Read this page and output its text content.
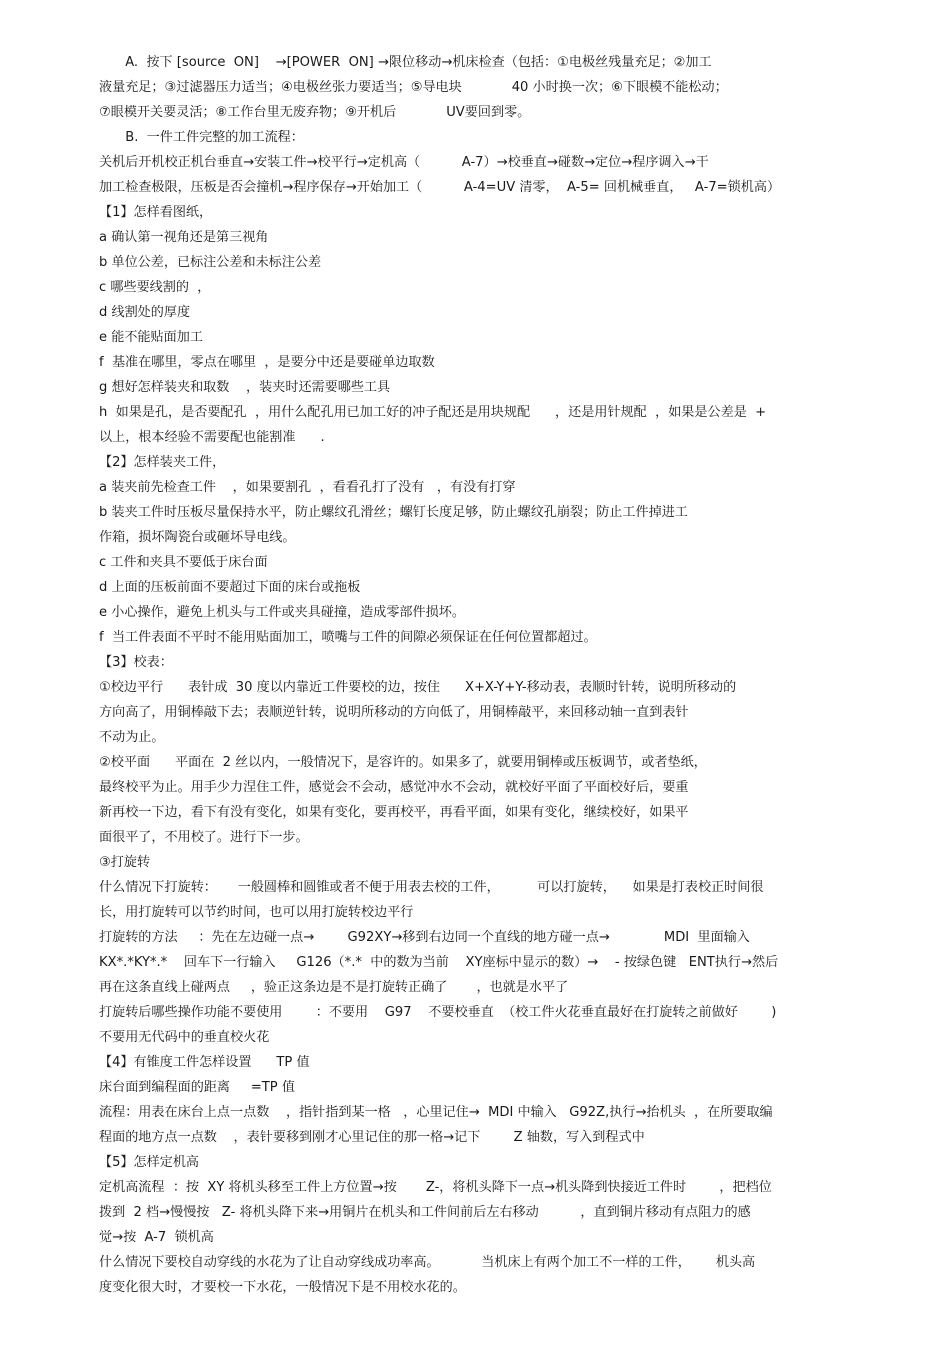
　　A.  按下 [source  ON]    →[POWER  ON] →限位移动→机床检查（包括：①电极丝残量充足；②加工
液量充足；③过滤器压力适当；④电极丝张力要适当；⑤导电块            40 小时换一次；⑥下眼模不能松动；
⑦眼模开关要灵活；⑧工作台里无废弃物；⑨开机后            UV要回到零。
　　B.  一件工件完整的加工流程：
关机后开机校正机台垂直→安装工件→校平行→定机高（          A-7）→校垂直→碰数→定位→程序调入→干
加工检查极限，压板是否会撞机→程序保存→开始加工（          A-4=UV 清零，  A-5= 回机械垂直，   A-7=锁机高）
【1】怎样看图纸，
a 确认第一视角还是第三视角
b 单位公差，已标注公差和未标注公差
c 哪些要线割的  ，
d 线割处的厚度
e 能不能贴面加工
f  基准在哪里，零点在哪里  ，是要分中还是要碰单边取数
g 想好怎样装夹和取数    ，装夹时还需要哪些工具
h  如果是孔，是否要配孔  ，用什么配孔用已加工好的冲子配还是用块规配      ，还是用针规配  ，如果是公差是  +
以上，根本经验不需要配也能割准      .
【2】怎样装夹工件，
a 装夹前先检查工件    ，如果要割孔  ，看看孔打了没有   ，有没有打穿
b 装夹工件时压板尽量保持水平，防止螺纹孔滑丝；螺钉长度足够，防止螺纹孔崩裂；防止工件掉进工
作箱，损坏陶瓷台或砸坏导电线。
c 工件和夹具不要低于床台面
d 上面的压板前面不要超过下面的床台或拖板
e 小心操作，避免上机头与工件或夹具碰撞，造成零部件损坏。
f  当工件表面不平时不能用贴面加工，喷嘴与工件的间隙必须保证在任何位置都超过。
【3】校表：
①校边平行      表针成  30 度以内靠近工件要校的边，按住      X+X-Y+Y-移动表，表顺时针转，说明所移动的
方向高了，用铜棒敲下去；表顺逆针转，说明所移动的方向低了，用铜棒敲平，来回移动轴一直到表针
不动为止。
②校平面      平面在  2 丝以内，一般情况下，是容许的。如果多了，就要用铜棒或压板调节，或者垫纸，
最终校平为止。用手少力涅住工件，感觉会不会动，感觉冲水不会动，就校好平面了平面校好后，要重
新再校一下边，看下有没有变化，如果有变化，要再校平，再看平面，如果有变化，继续校好，如果平
面很平了，不用校了。进行下一步。
③打旋转
什么情况下打旋转：     一般圆棒和圆锥或者不便于用表去校的工件，         可以打旋转，    如果是打表校正时间很
长，用打旋转可以节约时间，也可以用打旋转校边平行
打旋转的方法     ：先在左边碰一点→        G92XY→移到右边同一个直线的地方碰一点→             MDI  里面输入
KX*.*KY*.*    回车下一行输入     G126（*.*  中的数为当前    XY座标中显示的数）→    - 按绿色键   ENT执行→然后
再在这条直线上碰两点     ，验正这条边是不是打旋转正确了       ，也就是水平了
打旋转后哪些操作功能不要使用        ：不要用    G97    不要校垂直  （校工件火花垂直最好在打旋转之前做好        )
不要用无代码中的垂直校火花
【4】有锥度工件怎样设置      TP 值
床台面到编程面的距离     =TP 值
流程：用表在床台上点一点数    ，指针指到某一格   ，心里记住→  MDI 中输入   G92Z,执行→抬机头  ，在所要取编
程面的地方点一点数    ，表针要移到刚才心里记住的那一格→记下        Z 轴数，写入到程式中
【5】怎样定机高
定机高流程  ：按  XY 将机头移至工件上方位置→按       Z-，将机头降下一点→机头降到快接近工件时        ，把档位
拨到  2 档→慢慢按   Z- 将机头降下来→用铜片在机头和工件间前后左右移动          ，直到铜片移动有点阻力的感
觉→按  A-7  锁机高
什么情况下要校自动穿线的水花为了让自动穿线成功率高。          当机床上有两个加工不一样的工件，      机头高
度变化很大时，才要校一下水花，一般情况下是不用校水花的。
